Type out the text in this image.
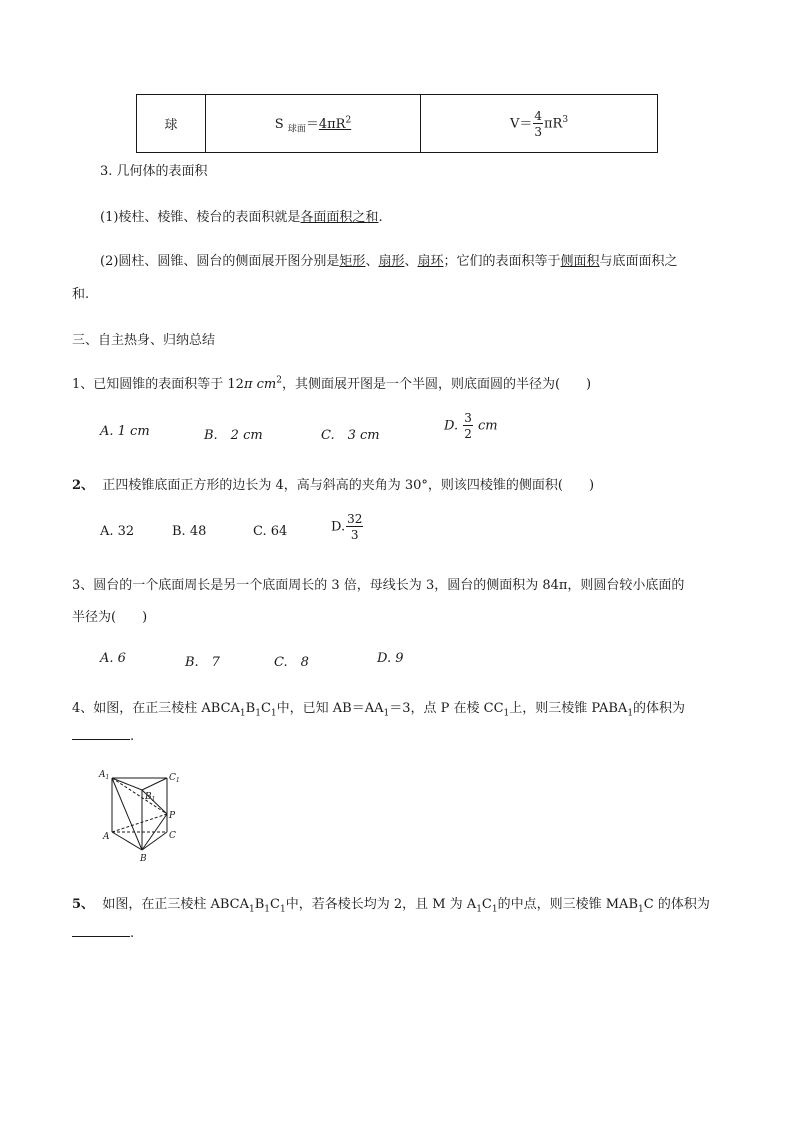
球	S $_{球面}=4\pi R^2$	$V= \frac{4}{3} \pi R^3$
3. 几何体的表面积
(1)棱柱、棱锥、棱台的表面积就是各面面积之和.
(2)圆柱、圆锥、圆台的侧面展开图分别是矩形、扇形、扇环；它们的表面积等于侧面积与底面面积之
和.
三、自主热身、归纳总结
1、已知圆锥的表面积等于 12π $cm^2$，其侧面展开图是一个半圆，则底面圆的半径为(　　)
A. 1 cm	B.　2 cm	C.　3 cm
D. $\frac{3}{2}$ cm
2、 正四棱锥底面正方形的边长为 4，高与斜高的夹角为 30°，则该四棱锥的侧面积(　　)
A. 32	B. 48	C. 64	D. $\frac{32}{3}$
3、圆台的一个底面周长是另一个底面周长的 3 倍，母线长为 3，圆台的侧面积为 84π，则圆台较小底面的
半径为(　　)
A. 6	B.　7	C.　8	D. 9
4、如图，在正三棱柱 $ABCA_1B_1C_1$中，已知 $AB=AA_1=3$，点 P 在棱 $CC_1$上，则三棱锥 $PABA_1$的体积为
.
$A_1$	$C_1$
$B_1$
P
A	C
B
5、 如图，在正三棱柱 $ABCA_1B_1C_1$中，若各棱长均为 2，且 M 为 $A_1C_1$的中点，则三棱锥 $MAB_1C$ 的体积为
.
